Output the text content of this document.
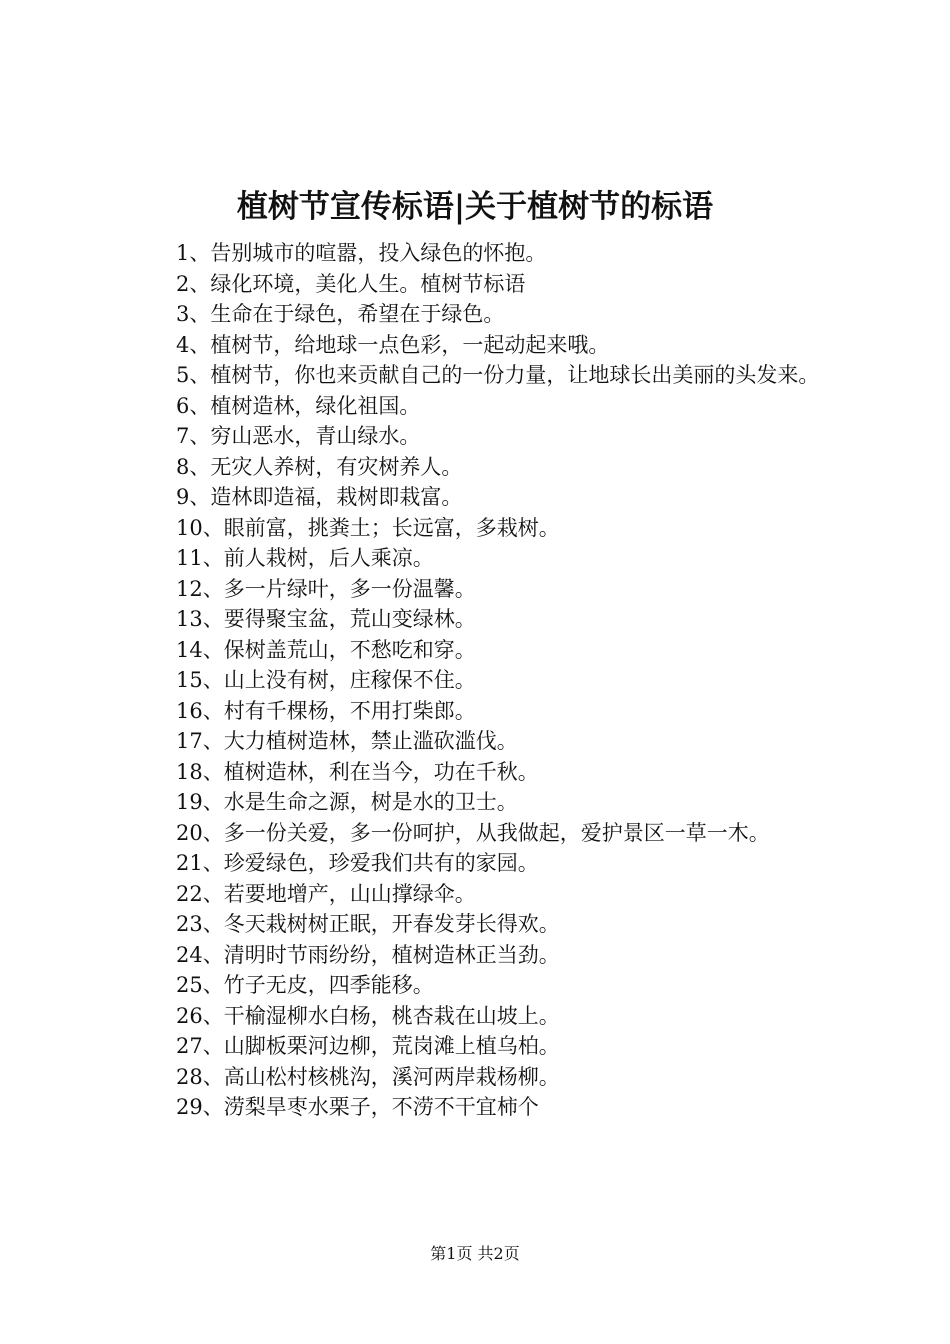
植树节宣传标语|关于植树节的标语

1、告别城市的喧嚣，投入绿色的怀抱。

2、绿化环境，美化人生。植树节标语

3、生命在于绿色，希望在于绿色。

4、植树节，给地球一点色彩，一起动起来哦。

5、植树节，你也来贡献自己的一份力量，让地球长出美丽的头发来。

6、植树造林，绿化祖国。

7、穷山恶水，青山绿水。

8、无灾人养树，有灾树养人。

9、造林即造福，栽树即栽富。

10、眼前富，挑粪土；长远富，多栽树。

11、前人栽树，后人乘凉。

12、多一片绿叶，多一份温馨。

13、要得聚宝盆，荒山变绿林。

14、保树盖荒山，不愁吃和穿。

15、山上没有树，庄稼保不住。

16、村有千棵杨，不用打柴郎。

17、大力植树造林，禁止滥砍滥伐。

18、植树造林，利在当今，功在千秋。

19、水是生命之源，树是水的卫士。

20、多一份关爱，多一份呵护，从我做起，爱护景区一草一木。

21、珍爱绿色，珍爱我们共有的家园。

22、若要地增产，山山撑绿伞。

23、冬天栽树树正眠，开春发芽长得欢。

24、清明时节雨纷纷，植树造林正当劲。

25、竹子无皮，四季能移。

26、干榆湿柳水白杨，桃杏栽在山坡上。

27、山脚板栗河边柳，荒岗滩上植乌柏。

28、高山松村核桃沟，溪河两岸栽杨柳。

29、涝梨旱枣水栗子，不涝不干宜柿个

第1页 共2页
